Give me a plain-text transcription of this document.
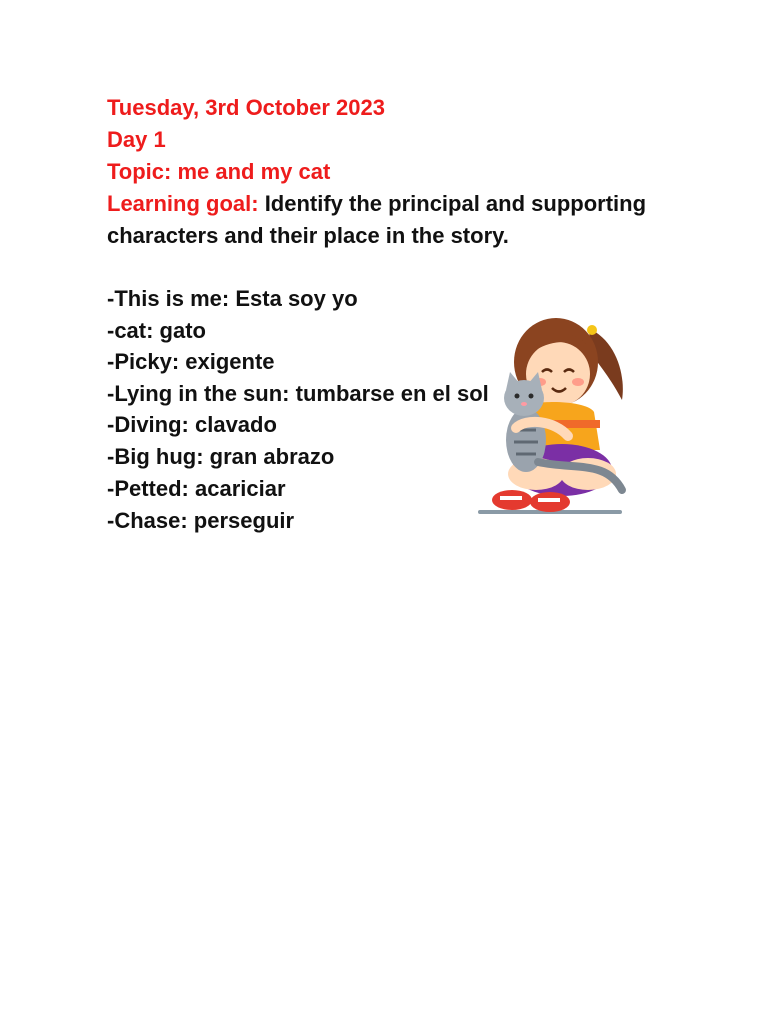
Tuesday, 3rd October 2023
Day 1
Topic: me and my cat
Learning goal: Identify the principal and supporting
characters and their place in the story.
-This is me: Esta soy yo
-cat: gato
-Picky: exigente
-Lying in the sun: tumbarse en el sol
-Diving: clavado
-Big hug: gran abrazo
-Petted: acariciar
-Chase: perseguir
